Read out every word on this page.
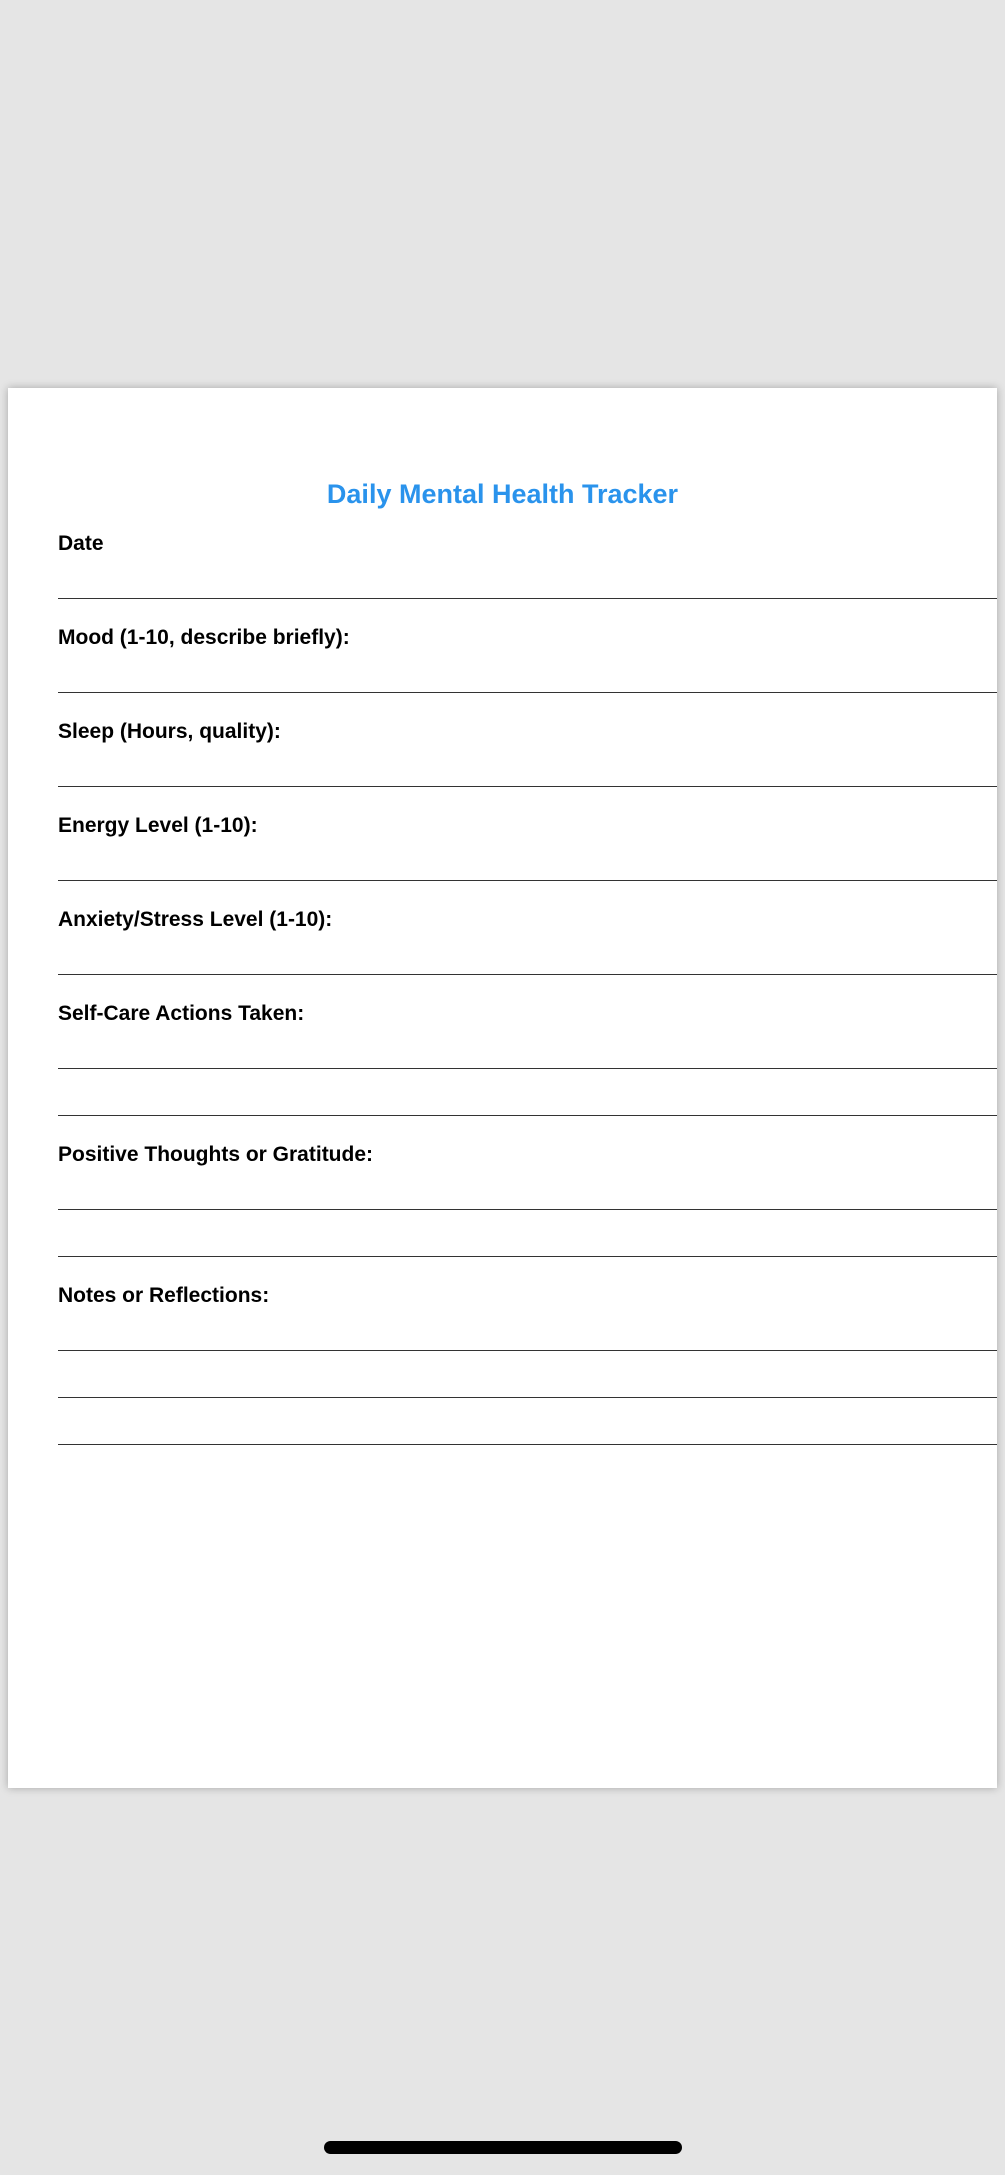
Daily Mental Health Tracker
Date
Mood (1-10, describe briefly):
Sleep (Hours, quality):
Energy Level (1-10):
Anxiety/Stress Level (1-10):
Self-Care Actions Taken:
Positive Thoughts or Gratitude:
Notes or Reflections:
